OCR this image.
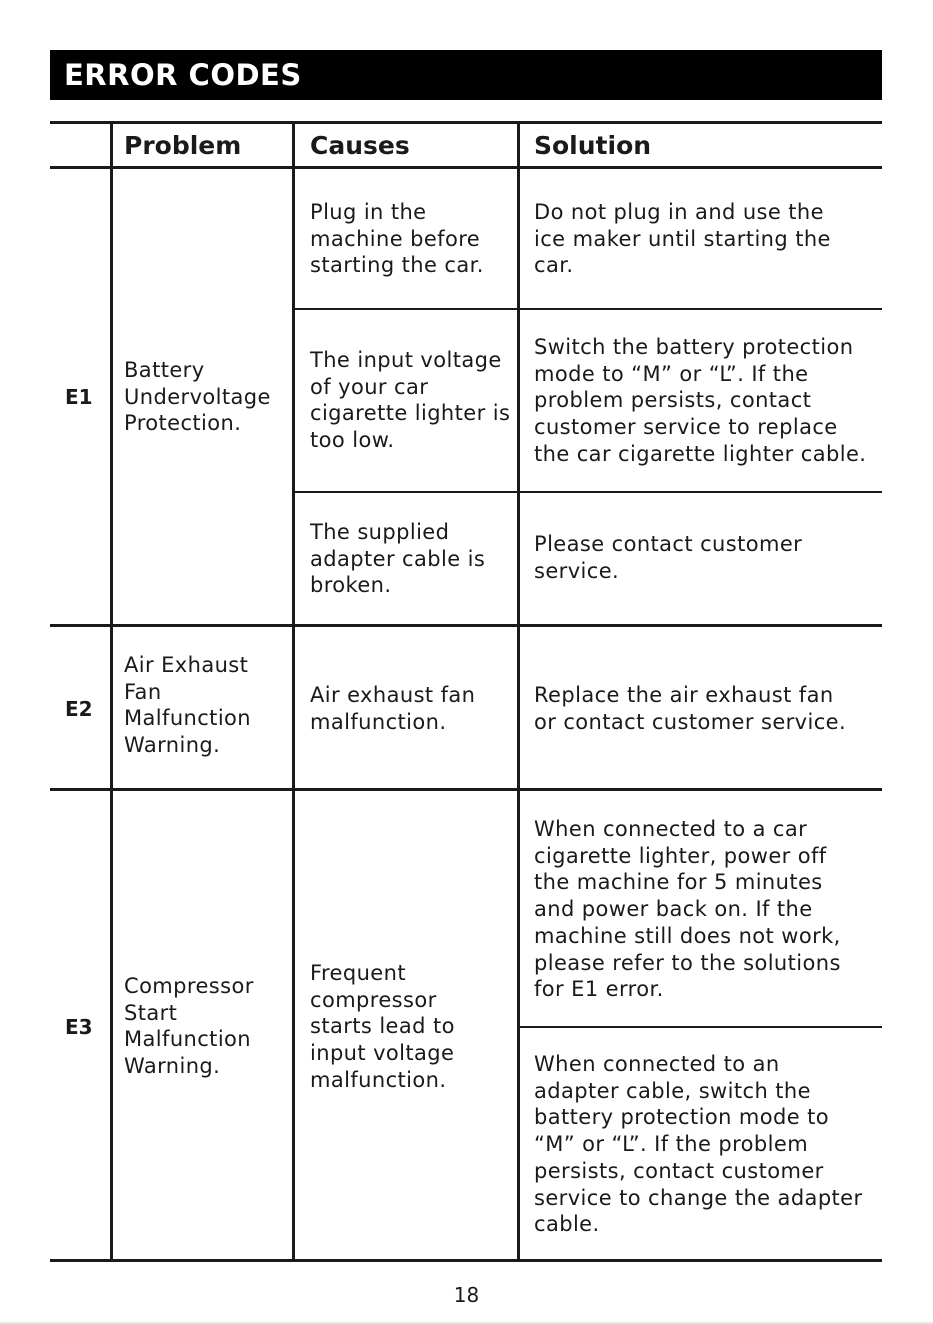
ERROR CODES
Problem	Causes	Solution
E1
Battery
Undervoltage
Protection.
Plug in the
machine before
starting the car.
Do not plug in and use the
ice maker until starting the
car.
The input voltage
of your car
cigarette lighter is
too low.
Switch the battery protection
mode to “M” or “L”. If the
problem persists, contact
customer service to replace
the car cigarette lighter cable.
The supplied
adapter cable is
broken.
Please contact customer
service.
E2
Air Exhaust
Fan
Malfunction
Warning.
Air exhaust fan
malfunction.
Replace the air exhaust fan
or contact customer service.
E3
Compressor
Start
Malfunction
Warning.
Frequent
compressor
starts lead to
input voltage
malfunction.
When connected to a car
cigarette lighter, power off
the machine for 5 minutes
and power back on. If the
machine still does not work,
please refer to the solutions
for E1 error.
When connected to an
adapter cable, switch the
battery protection mode to
“M” or “L”. If the problem
persists, contact customer
service to change the adapter
cable.
18
